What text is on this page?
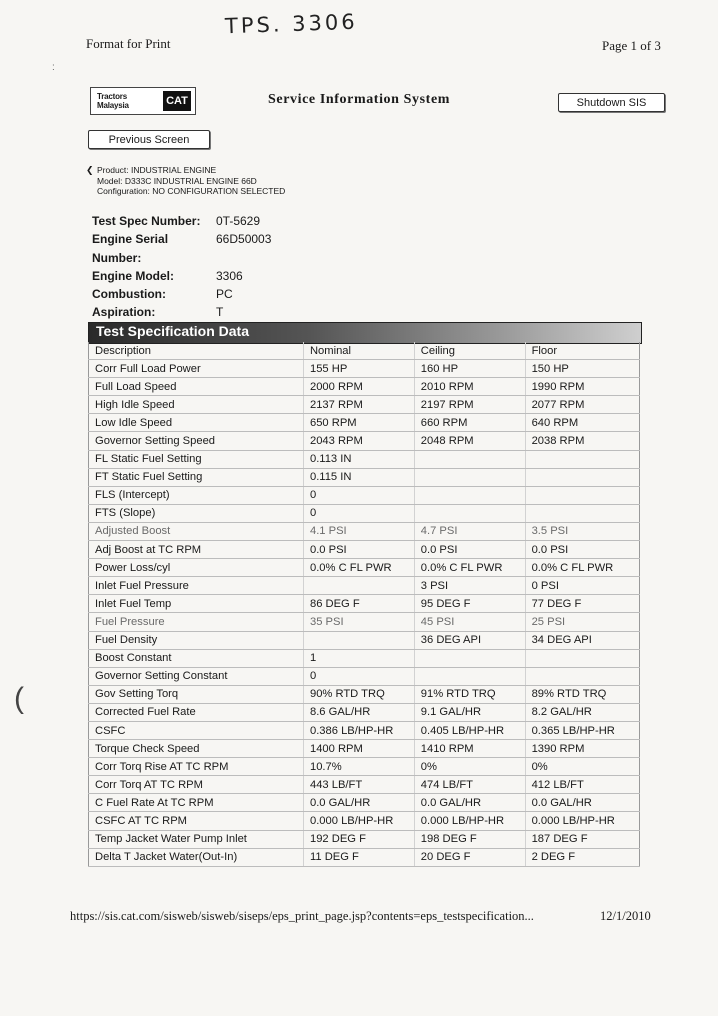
TPS. 3306
:
Format for Print	Page 1 of 3
Tractors Malaysia	CAT	Service Information System	Shutdown SIS
Previous Screen
❮ Product: INDUSTRIAL ENGINE
Model: D333C INDUSTRIAL ENGINE 66D
Configuration: NO CONFIGURATION SELECTED
Test Spec Number:	0T-5629
Engine Serial Number:
66D50003
Engine Model:	3306
Combustion:	PC
Aspiration:	T
Test Specification Data
Description	Nominal	Ceiling	Floor
Corr Full Load Power	155 HP	160 HP	150 HP
Full Load Speed	2000 RPM	2010 RPM	1990 RPM
High Idle Speed	2137 RPM	2197 RPM	2077 RPM
Low Idle Speed	650 RPM	660 RPM	640 RPM
Governor Setting Speed	2043 RPM	2048 RPM	2038 RPM
FL Static Fuel Setting	0.113 IN		
FT Static Fuel Setting	0.115 IN		
FLS (Intercept)	0		
FTS (Slope)	0		
Adjusted Boost	4.1 PSI	4.7 PSI	3.5 PSI
Adj Boost at TC RPM	0.0 PSI	0.0 PSI	0.0 PSI
Power Loss/cyl	0.0% C FL PWR	0.0% C FL PWR	0.0% C FL PWR
Inlet Fuel Pressure		3 PSI	0 PSI
Inlet Fuel Temp	86 DEG F	95 DEG F	77 DEG F
Fuel Pressure	35 PSI	45 PSI	25 PSI
Fuel Density		36 DEG API	34 DEG API
Boost Constant	1		
Governor Setting Constant	0		
Gov Setting Torq	90% RTD TRQ	91% RTD TRQ	89% RTD TRQ
Corrected Fuel Rate	8.6 GAL/HR	9.1 GAL/HR	8.2 GAL/HR
CSFC	0.386 LB/HP-HR	0.405 LB/HP-HR	0.365 LB/HP-HR
Torque Check Speed	1400 RPM	1410 RPM	1390 RPM
Corr Torq Rise AT TC RPM	10.7%	0%	0%
Corr Torq AT TC RPM	443 LB/FT	474 LB/FT	412 LB/FT
C Fuel Rate At TC RPM	0.0 GAL/HR	0.0 GAL/HR	0.0 GAL/HR
CSFC AT TC RPM	0.000 LB/HP-HR	0.000 LB/HP-HR	0.000 LB/HP-HR
Temp Jacket Water Pump Inlet	192 DEG F	198 DEG F	187 DEG F
Delta T Jacket Water(Out-In)	11 DEG F	20 DEG F	2 DEG F
(
https://sis.cat.com/sisweb/sisweb/siseps/eps_print_page.jsp?contents=eps_testspecification...	12/1/2010
